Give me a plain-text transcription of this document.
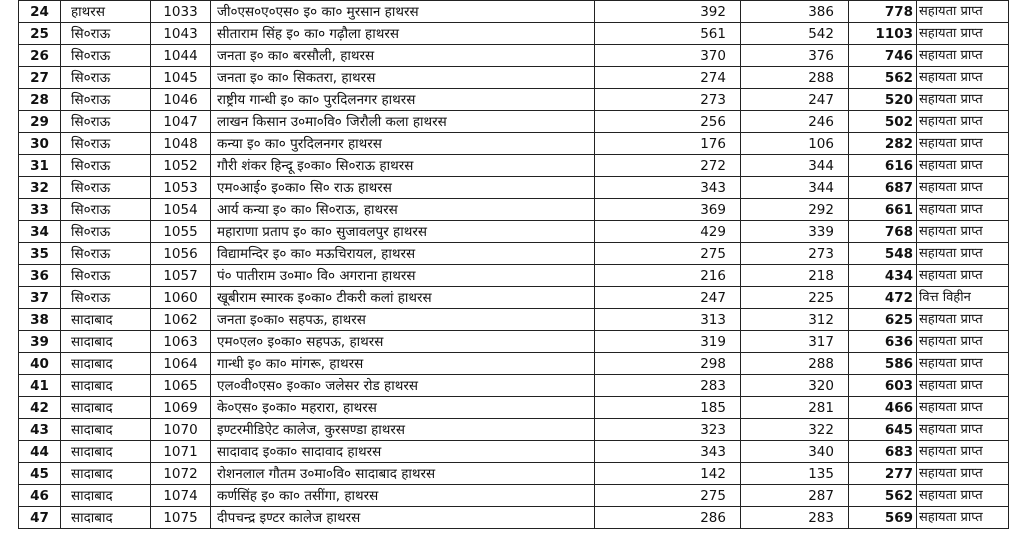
24	हाथरस	1033	जी०एस०ए०एस० इ० का० मुरसान हाथरस	392	386	778	सहायता प्राप्त
25	सि०राऊ	1043	सीताराम सिंह इ० का० गढ़ौला हाथरस	561	542	1103	सहायता प्राप्त
26	सि०राऊ	1044	जनता इ० का० बरसौली, हाथरस	370	376	746	सहायता प्राप्त
27	सि०राऊ	1045	जनता इ० का० सिकतरा, हाथरस	274	288	562	सहायता प्राप्त
28	सि०राऊ	1046	राष्ट्रीय गान्धी इ० का० पुरदिलनगर हाथरस	273	247	520	सहायता प्राप्त
29	सि०राऊ	1047	लाखन किसान उ०मा०वि० जिरौली कला हाथरस	256	246	502	सहायता प्राप्त
30	सि०राऊ	1048	कन्या इ० का० पुरदिलनगर हाथरस	176	106	282	सहायता प्राप्त
31	सि०राऊ	1052	गौरी शंकर हिन्दू इ०का० सि०राऊ हाथरस	272	344	616	सहायता प्राप्त
32	सि०राऊ	1053	एम०आई० इ०का० सि० राऊ हाथरस	343	344	687	सहायता प्राप्त
33	सि०राऊ	1054	आर्य कन्या इ० का० सि०राऊ, हाथरस	369	292	661	सहायता प्राप्त
34	सि०राऊ	1055	महाराणा प्रताप इ० का० सुजावलपुर हाथरस	429	339	768	सहायता प्राप्त
35	सि०राऊ	1056	विद्यामन्दिर इ० का० मऊचिरायल, हाथरस	275	273	548	सहायता प्राप्त
36	सि०राऊ	1057	पं० पातीराम उ०मा० वि० अगराना हाथरस	216	218	434	सहायता प्राप्त
37	सि०राऊ	1060	खूबीराम स्मारक इ०का० टीकरी कलां हाथरस	247	225	472	वित्त विहीन
38	सादाबाद	1062	जनता इ०का० सहपऊ, हाथरस	313	312	625	सहायता प्राप्त
39	सादाबाद	1063	एम०एल० इ०का० सहपऊ, हाथरस	319	317	636	सहायता प्राप्त
40	सादाबाद	1064	गान्धी इ० का० मांगरू, हाथरस	298	288	586	सहायता प्राप्त
41	सादाबाद	1065	एल०वी०एस० इ०का० जलेसर रोड हाथरस	283	320	603	सहायता प्राप्त
42	सादाबाद	1069	के०एस० इ०का० महरारा, हाथरस	185	281	466	सहायता प्राप्त
43	सादाबाद	1070	इण्टरमीडिऐट कालेज, कुरसण्डा हाथरस	323	322	645	सहायता प्राप्त
44	सादाबाद	1071	सादावाद इ०का० सादावाद हाथरस	343	340	683	सहायता प्राप्त
45	सादाबाद	1072	रोशनलाल गौतम उ०मा०वि० सादाबाद हाथरस	142	135	277	सहायता प्राप्त
46	सादाबाद	1074	कर्णसिंह इ० का० तसींगा, हाथरस	275	287	562	सहायता प्राप्त
47	सादाबाद	1075	दीपचन्द्र इण्टर कालेज हाथरस	286	283	569	सहायता प्राप्त
